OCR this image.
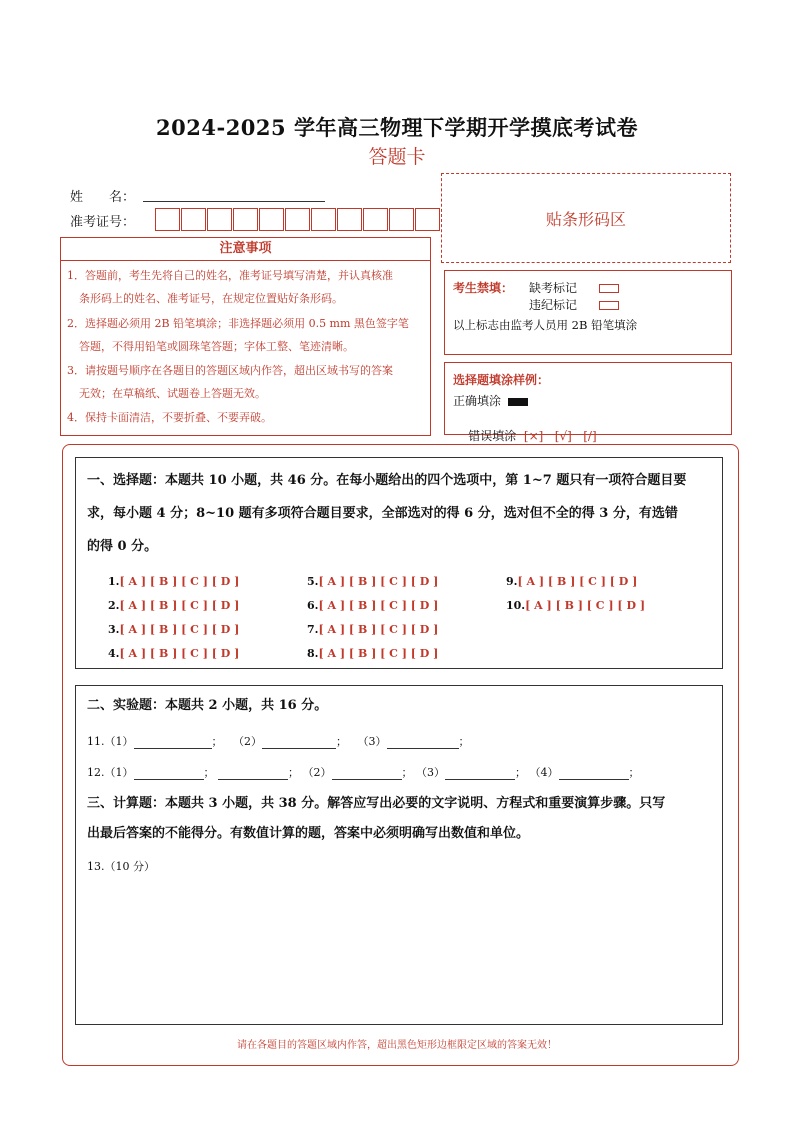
2024-2025 学年高三物理下学期开学摸底考试卷
答题卡
姓　　名：
准考证号：	贴条形码区
注意事项
1．答题前，考生先将自己的姓名，准考证号填写清楚，并认真核准
条形码上的姓名、准考证号，在规定位置贴好条形码。
2．选择题必须用 2B 铅笔填涂；非选择题必须用 0.5 mm 黑色签字笔
答题，不得用铅笔或圆珠笔答题；字体工整、笔迹清晰。
3．请按题号顺序在各题目的答题区域内作答，超出区域书写的答案
无效；在草稿纸、试题卷上答题无效。
4．保持卡面清洁，不要折叠、不要弄破。
考生禁填： 缺考标记
违纪标记
以上标志由监考人员用 2B 铅笔填涂
选择题填涂样例：
正确填涂

错误填涂 [×]   [√]   [/]

一、选择题：本题共 10 小题，共 46 分。在每小题给出的四个选项中，第 1~7 题只有一项符合题目要
求，每小题 4 分；8~10 题有多项符合题目要求，全部选对的得 6 分，选对但不全的得 3 分，有选错
的得 0 分。
1.[ A ] [ B ] [ C ] [ D ]
2.[ A ] [ B ] [ C ] [ D ]
3.[ A ] [ B ] [ C ] [ D ]
4.[ A ] [ B ] [ C ] [ D ]
5.[ A ] [ B ] [ C ] [ D ]
6.[ A ] [ B ] [ C ] [ D ]
7.[ A ] [ B ] [ C ] [ D ]
8.[ A ] [ B ] [ C ] [ D ]
9.[ A ] [ B ] [ C ] [ D ]
10.[ A ] [ B ] [ C ] [ D ]
二、实验题：本题共 2 小题，共 16 分。
11.（1）	； （2）	； （3）	；
12.（1）	；	； （2）	； （3）	； （4）	；
三、计算题：本题共 3 小题，共 38 分。解答应写出必要的文字说明、方程式和重要演算步骤。只写
出最后答案的不能得分。有数值计算的题，答案中必须明确写出数值和单位。
13.（10 分）
请在各题目的答题区域内作答，超出黑色矩形边框限定区域的答案无效！
